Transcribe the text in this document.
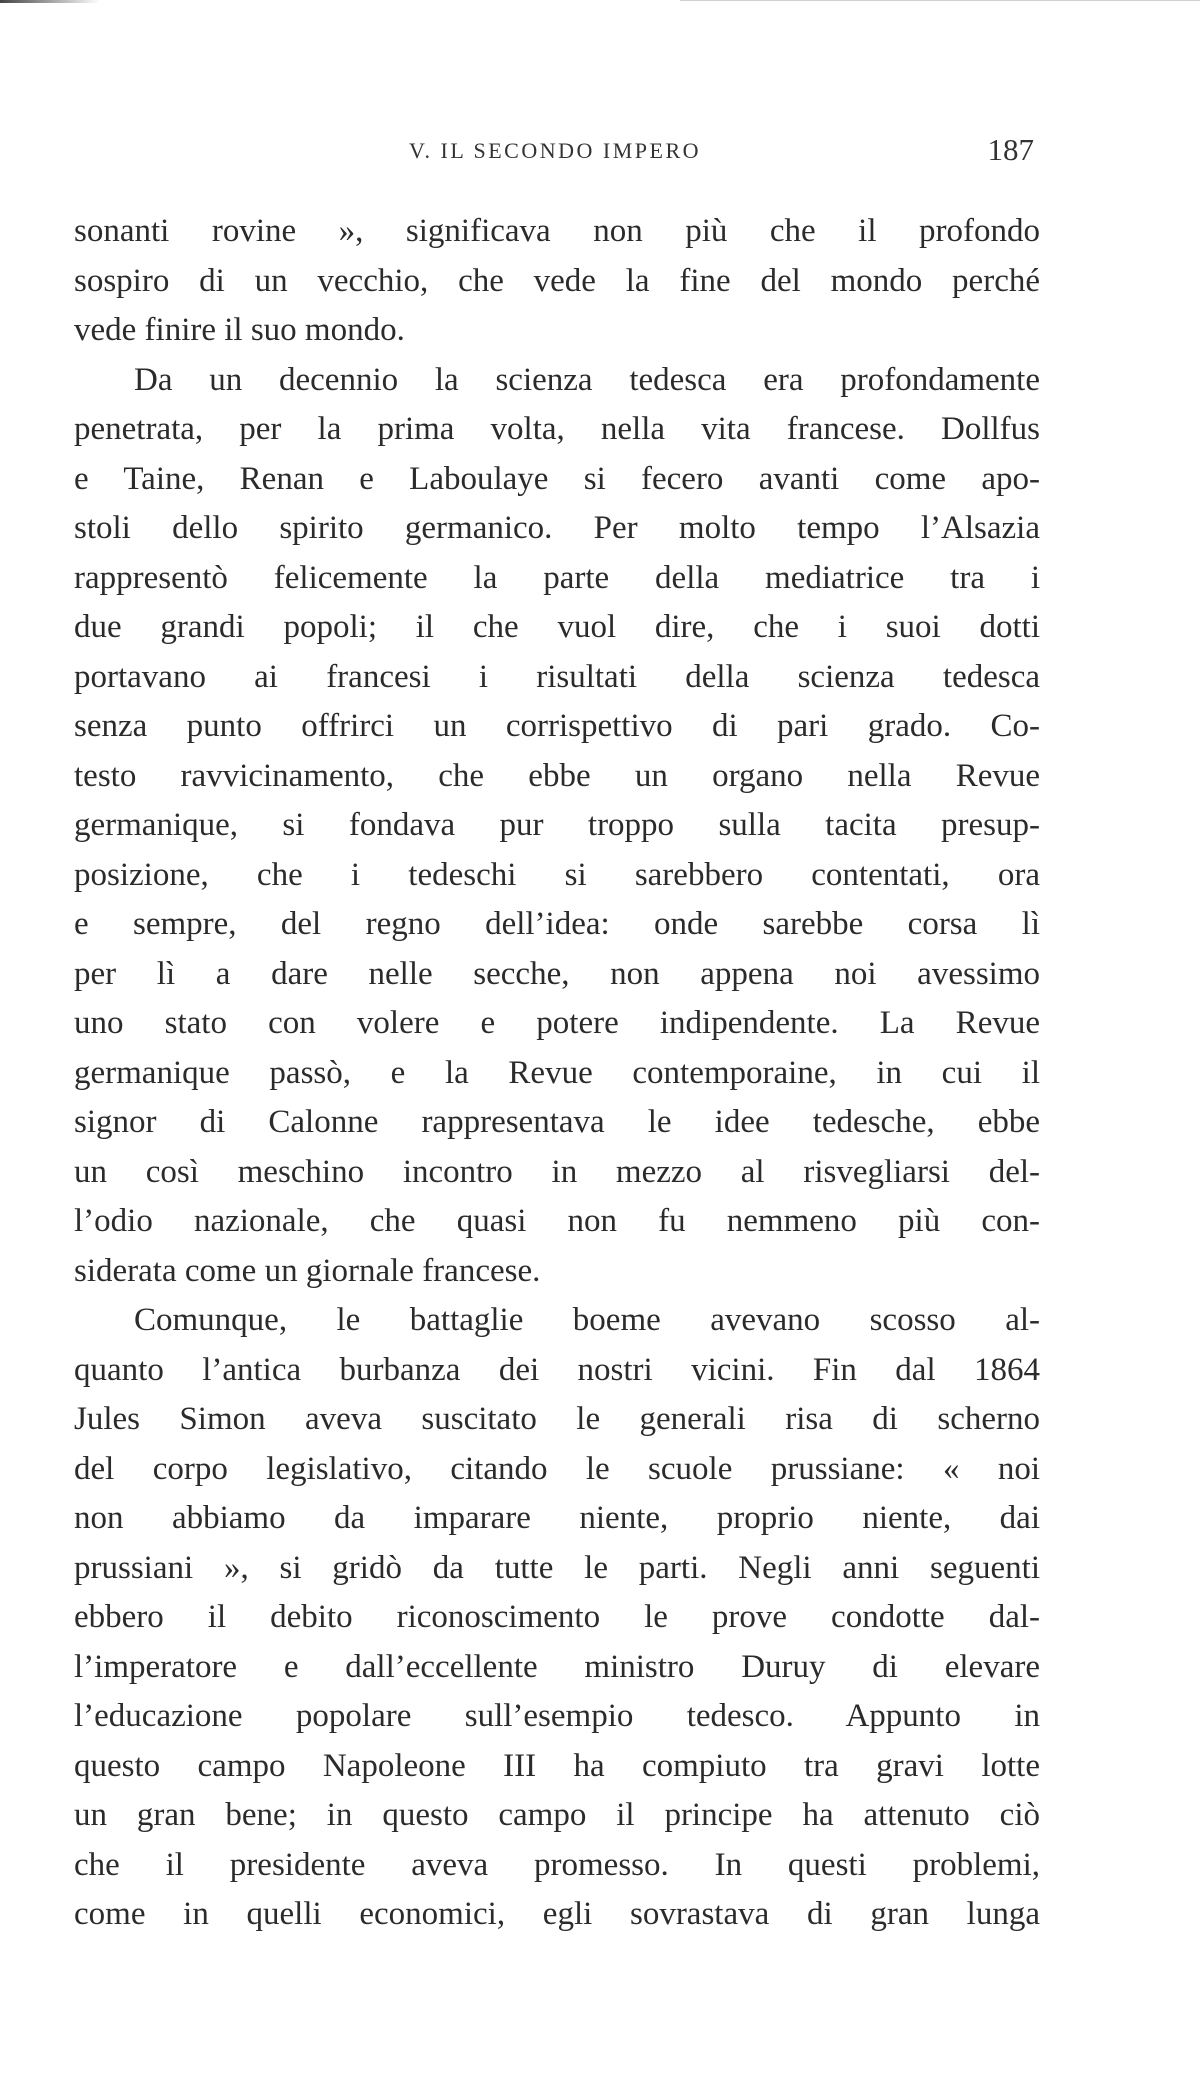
V. IL SECONDO IMPERO	187

sonanti rovine », significava non più che il profondo

sospiro di un vecchio, che vede la fine del mondo perché

vede finire il suo mondo.

Da un decennio la scienza tedesca era profondamente

penetrata, per la prima volta, nella vita francese. Dollfus

e Taine, Renan e Laboulaye si fecero avanti come apo-

stoli dello spirito germanico. Per molto tempo l’Alsazia

rappresentò felicemente la parte della mediatrice tra i

due grandi popoli; il che vuol dire, che i suoi dotti

portavano ai francesi i risultati della scienza tedesca

senza punto offrirci un corrispettivo di pari grado. Co-

testo ravvicinamento, che ebbe un organo nella Revue

germanique, si fondava pur troppo sulla tacita presup-

posizione, che i tedeschi si sarebbero contentati, ora

e sempre, del regno dell’idea: onde sarebbe corsa lì

per lì a dare nelle secche, non appena noi avessimo

uno stato con volere e potere indipendente. La Revue

germanique passò, e la Revue contemporaine, in cui il

signor di Calonne rappresentava le idee tedesche, ebbe

un così meschino incontro in mezzo al risvegliarsi del-

l’odio nazionale, che quasi non fu nemmeno più con-

siderata come un giornale francese.

Comunque, le battaglie boeme avevano scosso al-

quanto l’antica burbanza dei nostri vicini. Fin dal 1864

Jules Simon aveva suscitato le generali risa di scherno

del corpo legislativo, citando le scuole prussiane: « noi

non abbiamo da imparare niente, proprio niente, dai

prussiani », si gridò da tutte le parti. Negli anni seguenti

ebbero il debito riconoscimento le prove condotte dal-

l’imperatore e dall’eccellente ministro Duruy di elevare

l’educazione popolare sull’esempio tedesco. Appunto in

questo campo Napoleone III ha compiuto tra gravi lotte

un gran bene; in questo campo il principe ha attenuto ciò

che il presidente aveva promesso. In questi problemi,

come in quelli economici, egli sovrastava di gran lunga
